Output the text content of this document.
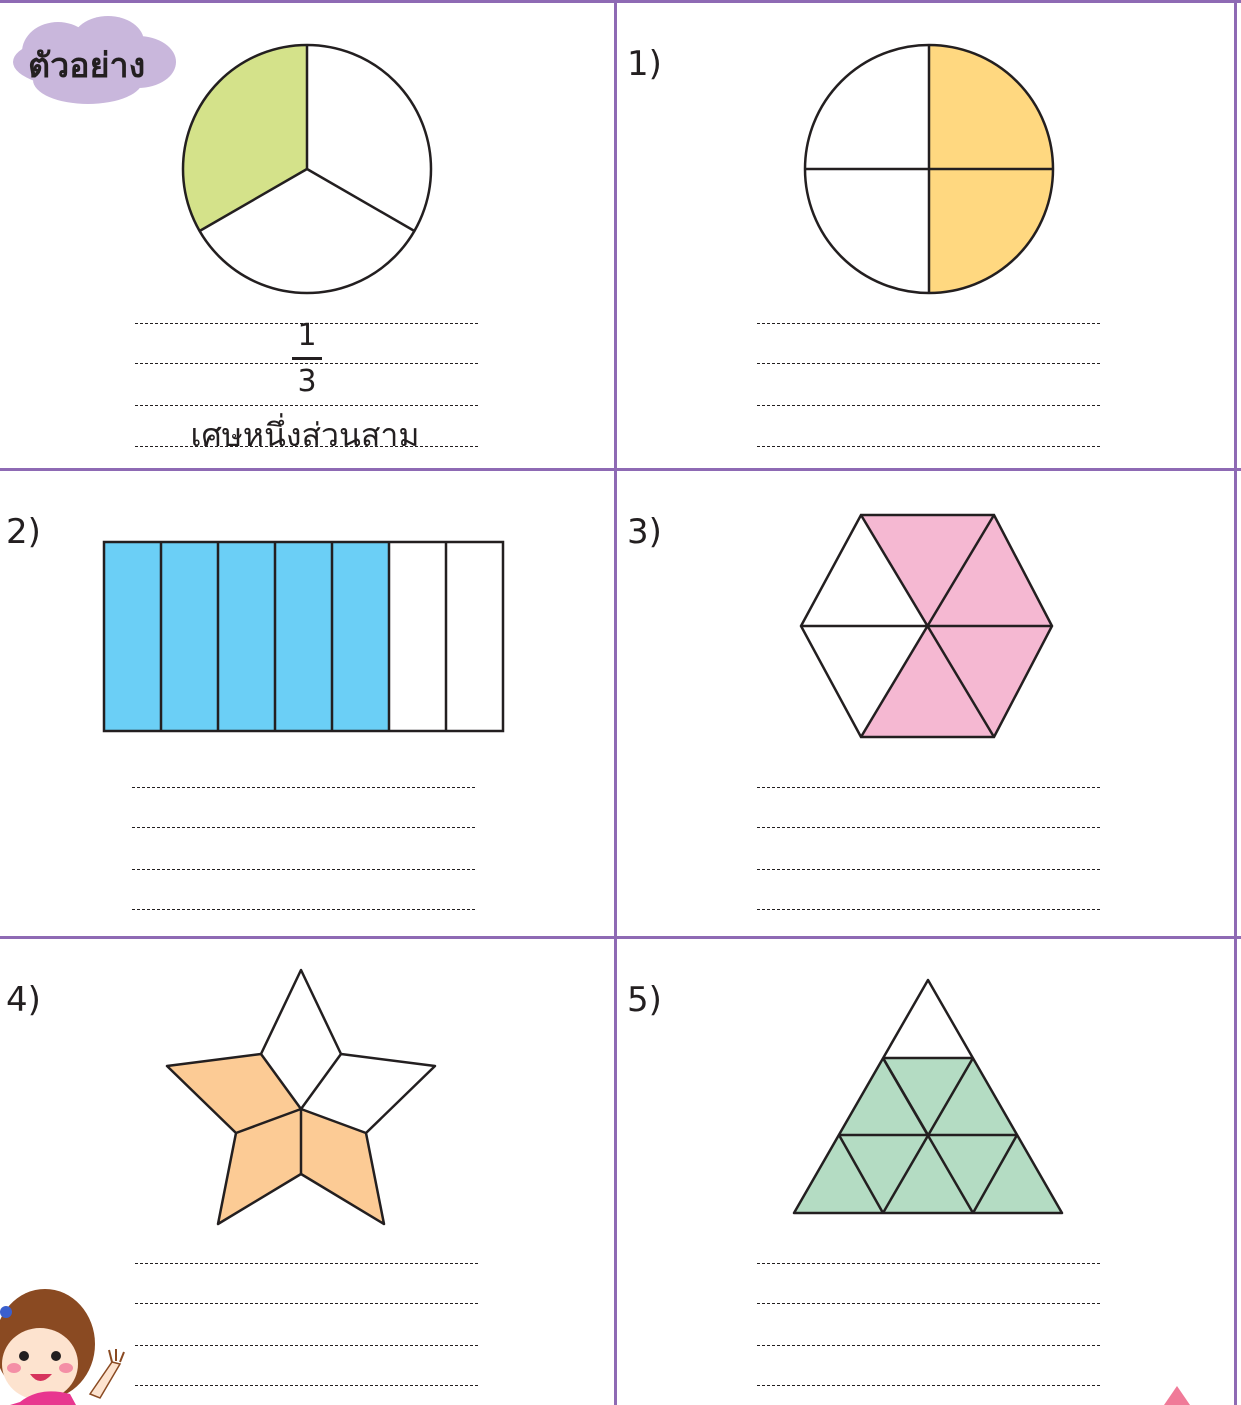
ตัวอย่าง
1
3
เศษหนึ่งส่วนสาม
1)
2)	3)
4)	5)
